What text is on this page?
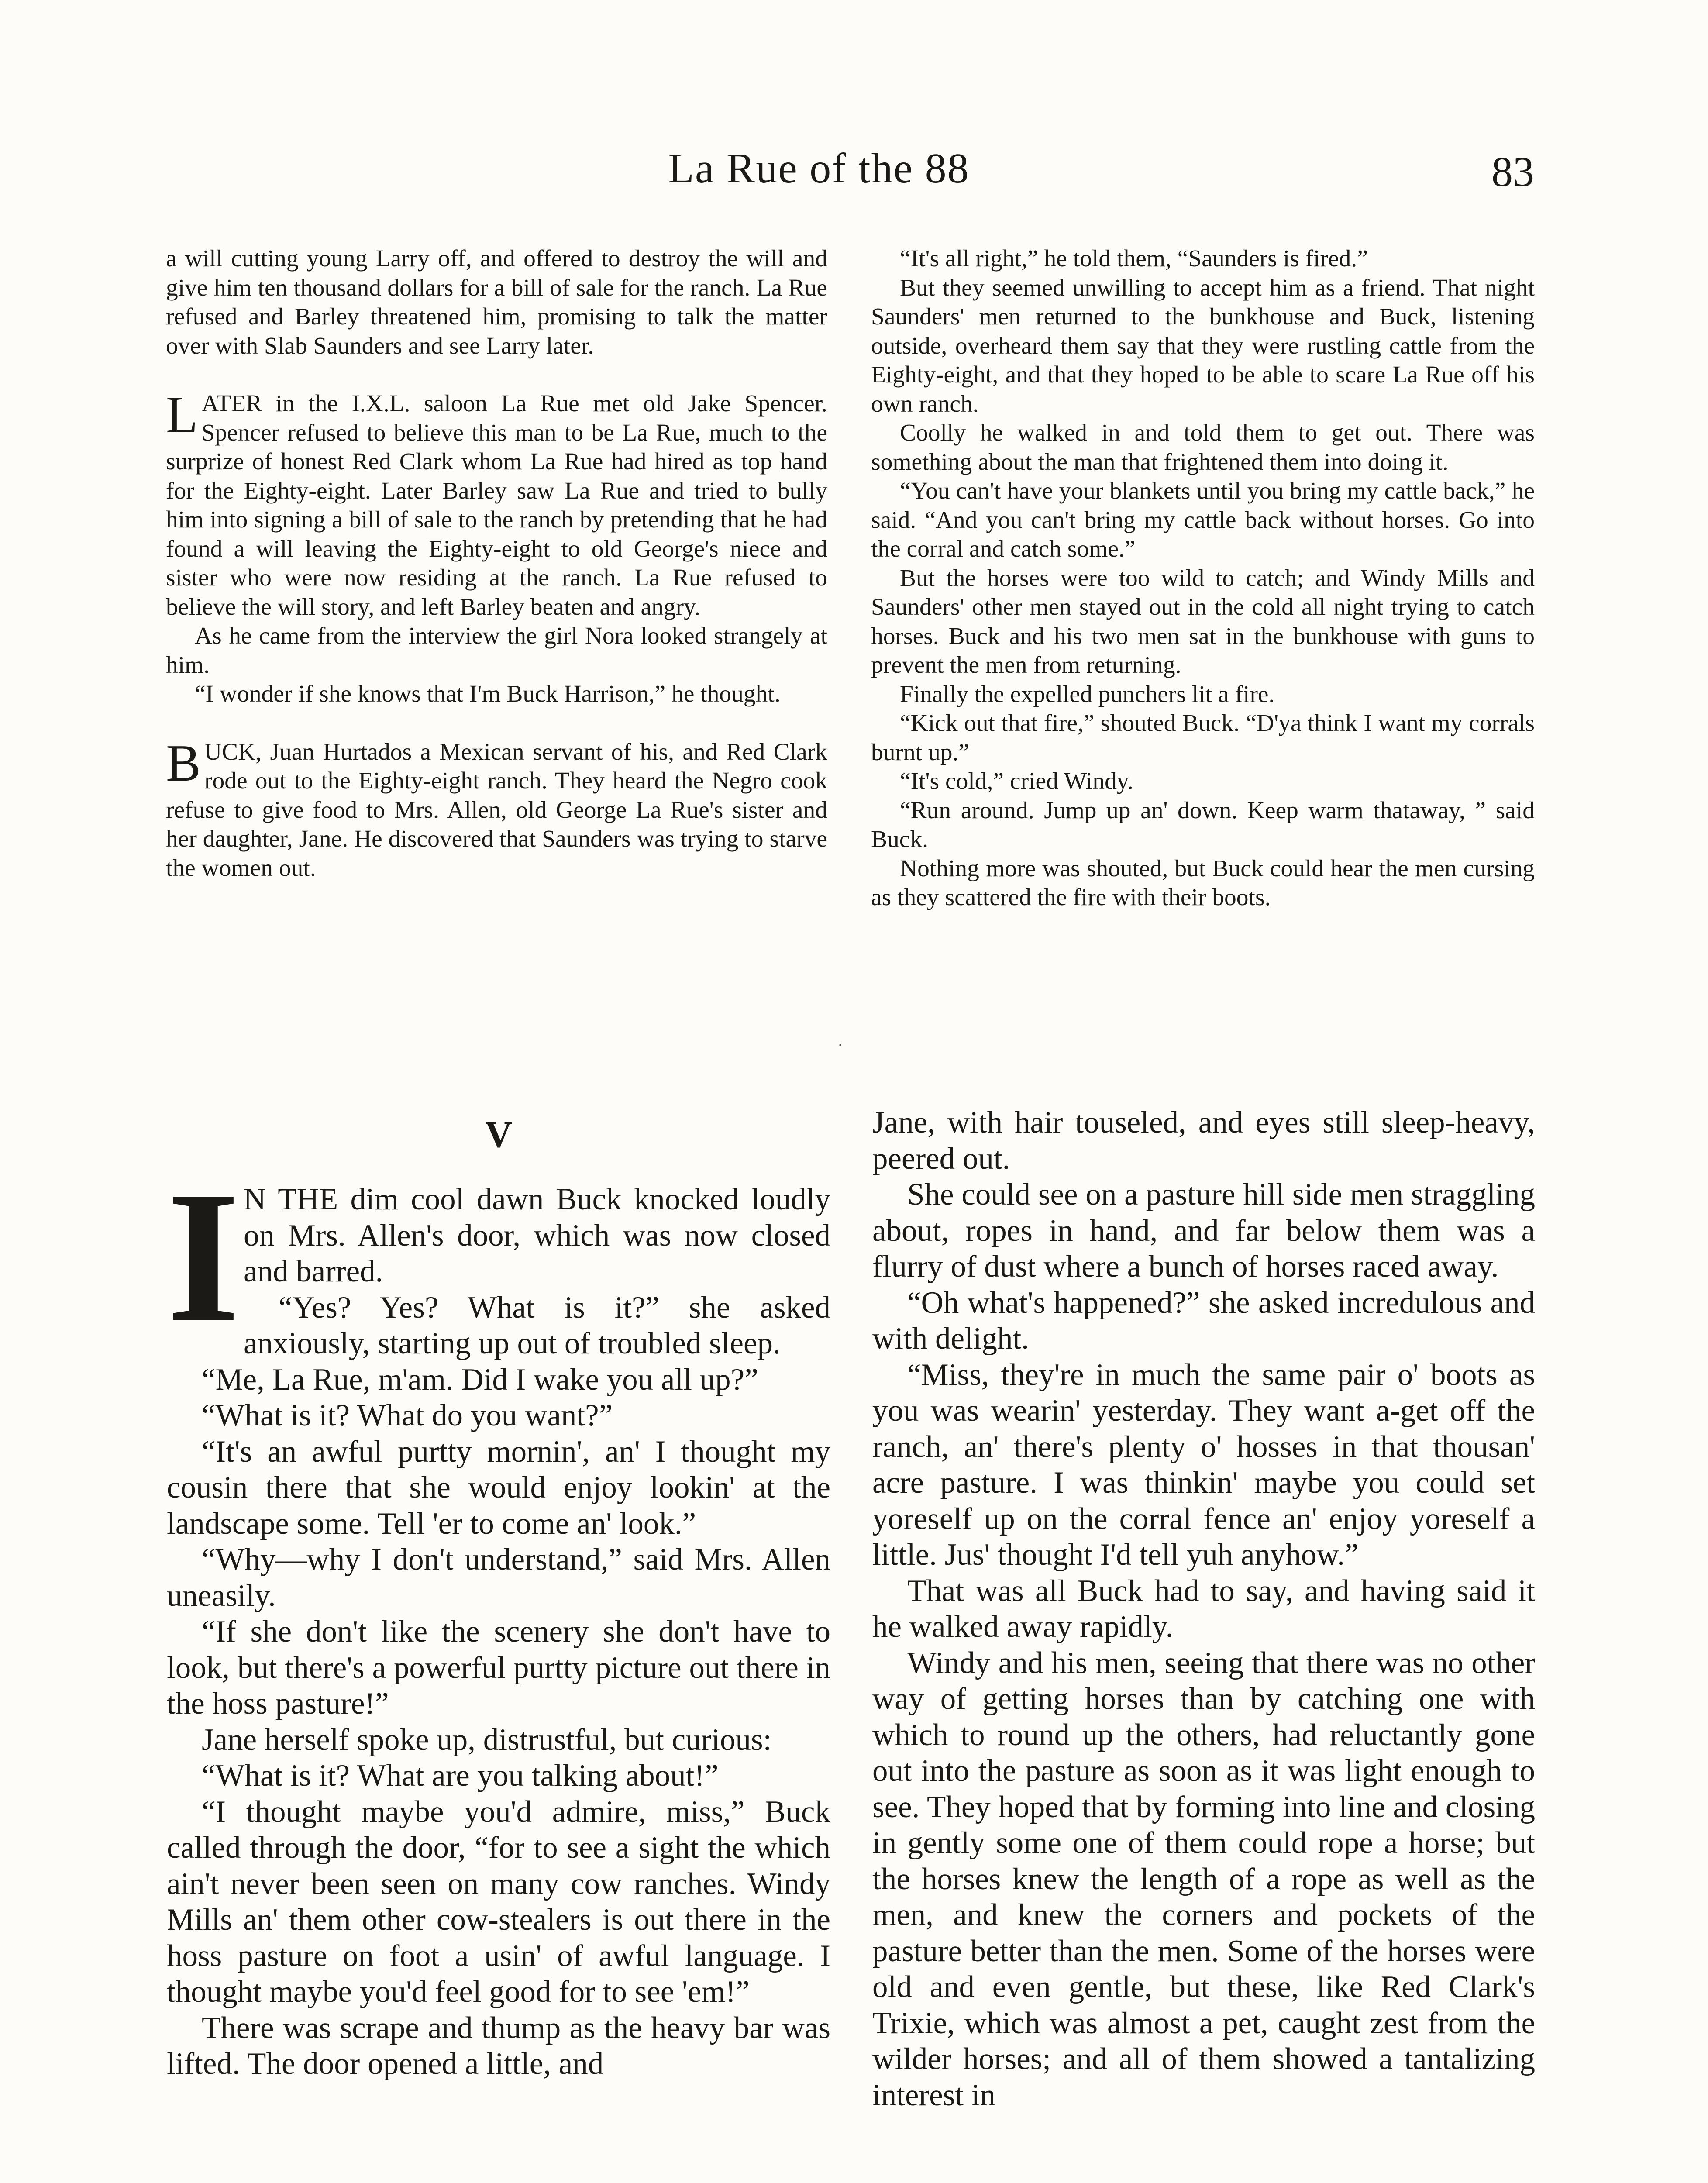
La Rue of the 88	83

a will cutting young Larry off, and offered to destroy the will and give him ten thousand dollars for a bill of sale for the ranch. La Rue refused and Barley threatened him, promising to talk the matter over with Slab Saunders and see Larry later.

LATER in the I.X.L. saloon La Rue met old Jake Spencer. Spencer refused to believe this man to be La Rue, much to the surprize of honest Red Clark whom La Rue had hired as top hand for the Eighty-eight. Later Barley saw La Rue and tried to bully him into signing a bill of sale to the ranch by pretending that he had found a will leaving the Eighty-eight to old George's niece and sister who were now residing at the ranch. La Rue refused to believe the will story, and left Barley beaten and angry.

As he came from the interview the girl Nora looked strangely at him.

“I wonder if she knows that I'm Buck Harrison,” he thought.

BUCK, Juan Hurtados a Mexican servant of his, and Red Clark rode out to the Eighty-eight ranch. They heard the Negro cook refuse to give food to Mrs. Allen, old George La Rue's sister and her daughter, Jane. He discovered that Saunders was trying to starve the women out.

“It's all right,” he told them, “Saunders is fired.”

But they seemed unwilling to accept him as a friend. That night Saunders' men returned to the bunkhouse and Buck, listening outside, overheard them say that they were rustling cattle from the Eighty-eight, and that they hoped to be able to scare La Rue off his own ranch.

Coolly he walked in and told them to get out. There was something about the man that frightened them into doing it.

“You can't have your blankets until you bring my cattle back,” he said. “And you can't bring my cattle back without horses. Go into the corral and catch some.”

But the horses were too wild to catch; and Windy Mills and Saunders' other men stayed out in the cold all night trying to catch horses. Buck and his two men sat in the bunkhouse with guns to prevent the men from returning.

Finally the expelled punchers lit a fire.

“Kick out that fire,” shouted Buck. “D'ya think I want my corrals burnt up.”

“It's cold,” cried Windy.

“Run around. Jump up an' down. Keep warm thataway, ” said Buck.

Nothing more was shouted, but Buck could hear the men cursing as they scattered the fire with their boots.

·
V

I N THE dim cool dawn Buck knocked loudly on Mrs. Allen's door, which was now closed and barred.

“Yes? Yes? What is it?” she asked anxiously, starting up out of troubled sleep.

“Me, La Rue, m'am. Did I wake you all up?”

“What is it? What do you want?”

“It's an awful purtty mornin', an' I thought my cousin there that she would enjoy lookin' at the landscape some. Tell 'er to come an' look.”

“Why—why I don't understand,” said Mrs. Allen uneasily.

“If she don't like the scenery she don't have to look, but there's a powerful purtty picture out there in the hoss pasture!”

Jane herself spoke up, distrustful, but curious:

“What is it? What are you talking about!”

“I thought maybe you'd admire, miss,” Buck called through the door, “for to see a sight the which ain't never been seen on many cow ranches. Windy Mills an' them other cow-stealers is out there in the hoss pasture on foot a usin' of awful language. I thought maybe you'd feel good for to see 'em!”

There was scrape and thump as the heavy bar was lifted. The door opened a little, and

Jane, with hair touseled, and eyes still sleep-heavy, peered out.

She could see on a pasture hill side men straggling about, ropes in hand, and far below them was a flurry of dust where a bunch of horses raced away.

“Oh what's happened?” she asked incredulous and with delight.

“Miss, they're in much the same pair o' boots as you was wearin' yesterday. They want a-get off the ranch, an' there's plenty o' hosses in that thousan' acre pasture. I was thinkin' maybe you could set yoreself up on the corral fence an' enjoy yoreself a little. Jus' thought I'd tell yuh anyhow.”

That was all Buck had to say, and having said it he walked away rapidly.

Windy and his men, seeing that there was no other way of getting horses than by catching one with which to round up the others, had reluctantly gone out into the pasture as soon as it was light enough to see. They hoped that by forming into line and closing in gently some one of them could rope a horse; but the horses knew the length of a rope as well as the men, and knew the corners and pockets of the pasture better than the men. Some of the horses were old and even gentle, but these, like Red Clark's Trixie, which was almost a pet, caught zest from the wilder horses; and all of them showed a tantalizing interest in
